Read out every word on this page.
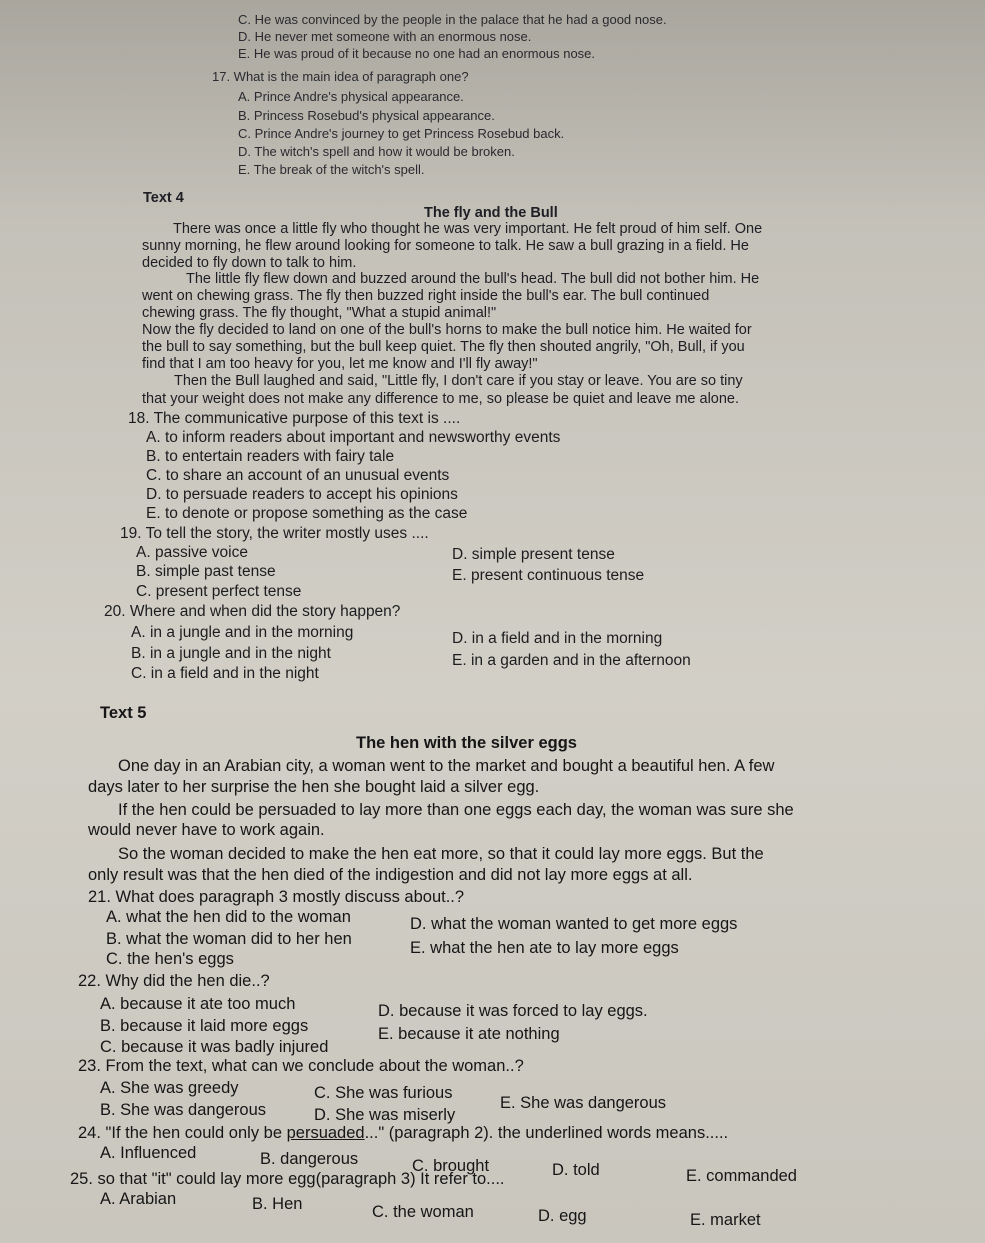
C. He was convinced by the people in the palace that he had a good nose.

D. He never met someone with an enormous nose.

E. He was proud of it because no one had an enormous nose.

17. What is the main idea of paragraph one?

A. Prince Andre's physical appearance.

B. Princess Rosebud's physical appearance.

C. Prince Andre's journey to get Princess Rosebud back.

D. The witch's spell and how it would be broken.

E. The break of the witch's spell.

Text 4

The fly and the Bull

There was once a little fly who thought he was very important. He felt proud of him self. One

sunny morning, he flew around looking for someone to talk. He saw a bull grazing in a field. He

decided to fly down to talk to him.

The little fly flew down and buzzed around the bull's head. The bull did not bother him. He

went on chewing grass. The fly then buzzed right inside the bull's ear. The bull continued

chewing grass. The fly thought, "What a stupid animal!"

Now the fly decided to land on one of the bull's horns to make the bull notice him. He waited for

the bull to say something, but the bull keep quiet. The fly then shouted angrily, "Oh, Bull, if you

find that I am too heavy for you, let me know and I'll fly away!"

Then the Bull laughed and said, "Little fly, I don't care if you stay or leave. You are so tiny

that your weight does not make any difference to me, so please be quiet and leave me alone.

18. The communicative purpose of this text is ....

A. to inform readers about important and newsworthy events

B. to entertain readers with fairy tale

C. to share an account of an unusual events

D. to persuade readers to accept his opinions

E. to denote or propose something as the case

19. To tell the story, the writer mostly uses ....

A. passive voice

B. simple past tense

C. present perfect tense

D. simple present tense

E. present continuous tense

20. Where and when did the story happen?

A. in a jungle and in the morning

B. in a jungle and in the night

C. in a field and in the night

D. in a field and in the morning

E. in a garden and in the afternoon

Text 5

The hen with the silver eggs

One day in an Arabian city, a woman went to the market and bought a beautiful hen. A few

days later to her surprise the hen she bought laid a silver egg.

If the hen could be persuaded to lay more than one eggs each day, the woman was sure she

would never have to work again.

So the woman decided to make the hen eat more, so that it could lay more eggs. But the

only result was that the hen died of the indigestion and did not lay more eggs at all.

21. What does paragraph 3 mostly discuss about..?

A. what the hen did to the woman

B. what the woman did to her hen

C. the hen's eggs

D. what the woman wanted to get more eggs

E. what the hen ate to lay more eggs

22. Why did the hen die..?

A. because it ate too much

B. because it laid more eggs

C. because it was badly injured

D. because it was forced to lay eggs.

E. because it ate nothing

23. From the text, what can we conclude about the woman..?

A. She was greedy

B. She was dangerous

C. She was furious

D. She was miserly

E. She was dangerous

24. "If the hen could only be persuaded..." (paragraph 2). the underlined words means.....

A. Influenced	B. dangerous	C. brought	D. told	E. commanded

25. so that "it" could lay more egg(paragraph 3) It refer to....

A. Arabian	B. Hen	C. the woman	D. egg	E. market
